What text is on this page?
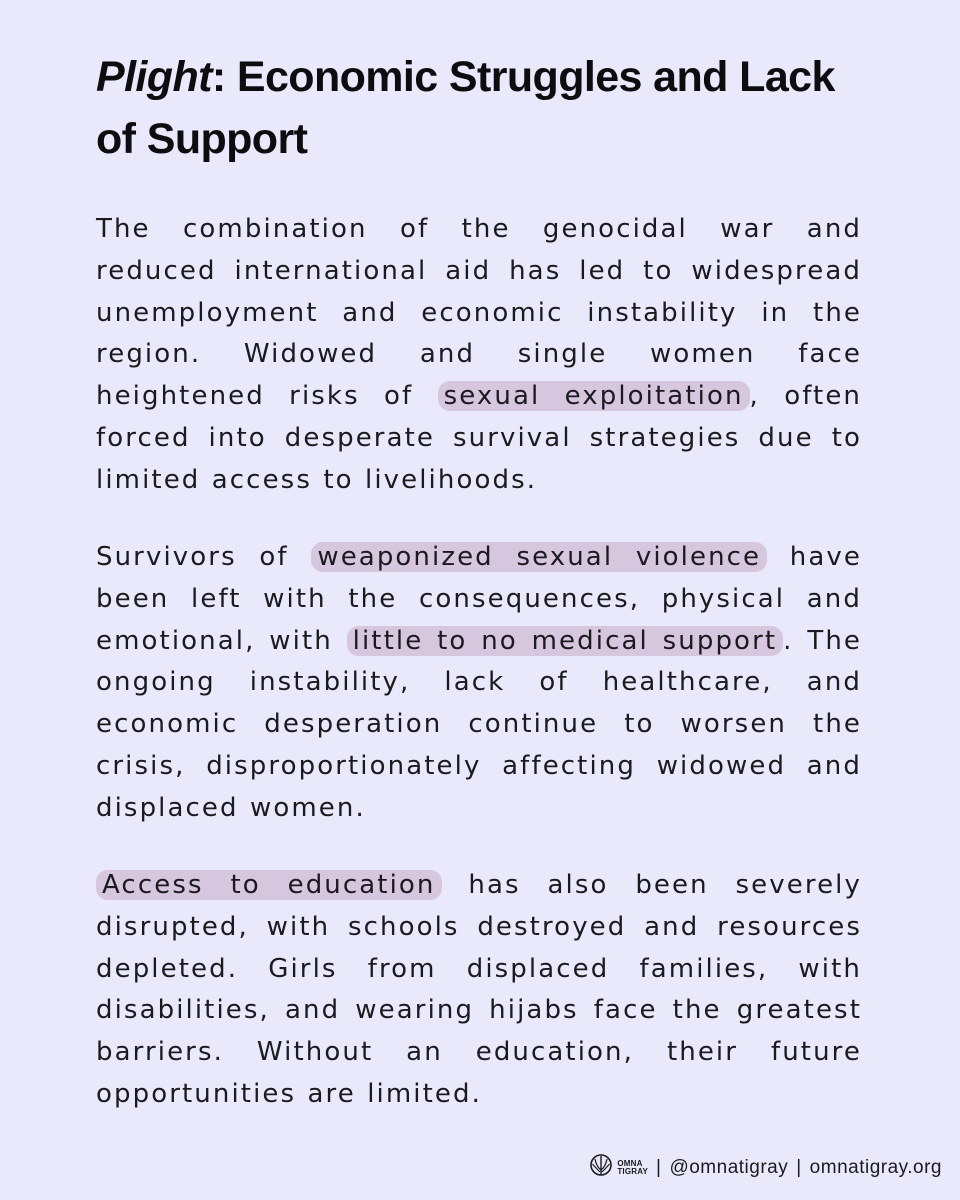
Plight: Economic Struggles and Lack of Support

The combination of the genocidal war and reduced international aid has led to widespread unemployment and economic instability in the region. Widowed and single women face heightened risks of sexual exploitation , often forced into desperate survival strategies due to limited access to livelihoods.

Survivors of weaponized sexual violence have been left with the consequences, physical and emotional, with little to no medical support . The ongoing instability, lack of healthcare, and economic desperation continue to worsen the crisis, disproportionately affecting widowed and displaced women.

Access to education has also been severely disrupted, with schools destroyed and resources depleted. Girls from displaced families, with disabilities, and wearing hijabs face the greatest barriers. Without an education, their future opportunities are limited.

OMNA
TIGRAY | @omnatigray | omnatigray.org
